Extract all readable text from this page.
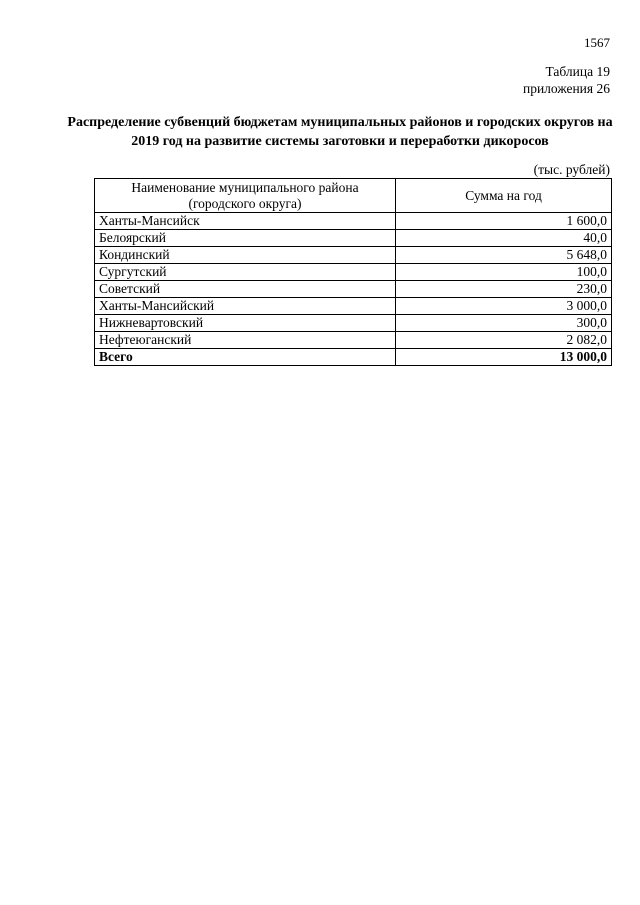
1567
Таблица 19
приложения 26
Распределение субвенций бюджетам муниципальных районов и городских округов на 2019 год на развитие системы заготовки и переработки дикоросов
(тыс. рублей)
Наименование муниципального района (городского округа)	Сумма на год
Ханты-Мансийск	1 600,0
Белоярский	40,0
Кондинский	5 648,0
Сургутский	100,0
Советский	230,0
Ханты-Мансийский	3 000,0
Нижневартовский	300,0
Нефтеюганский	2 082,0
Всего	13 000,0
